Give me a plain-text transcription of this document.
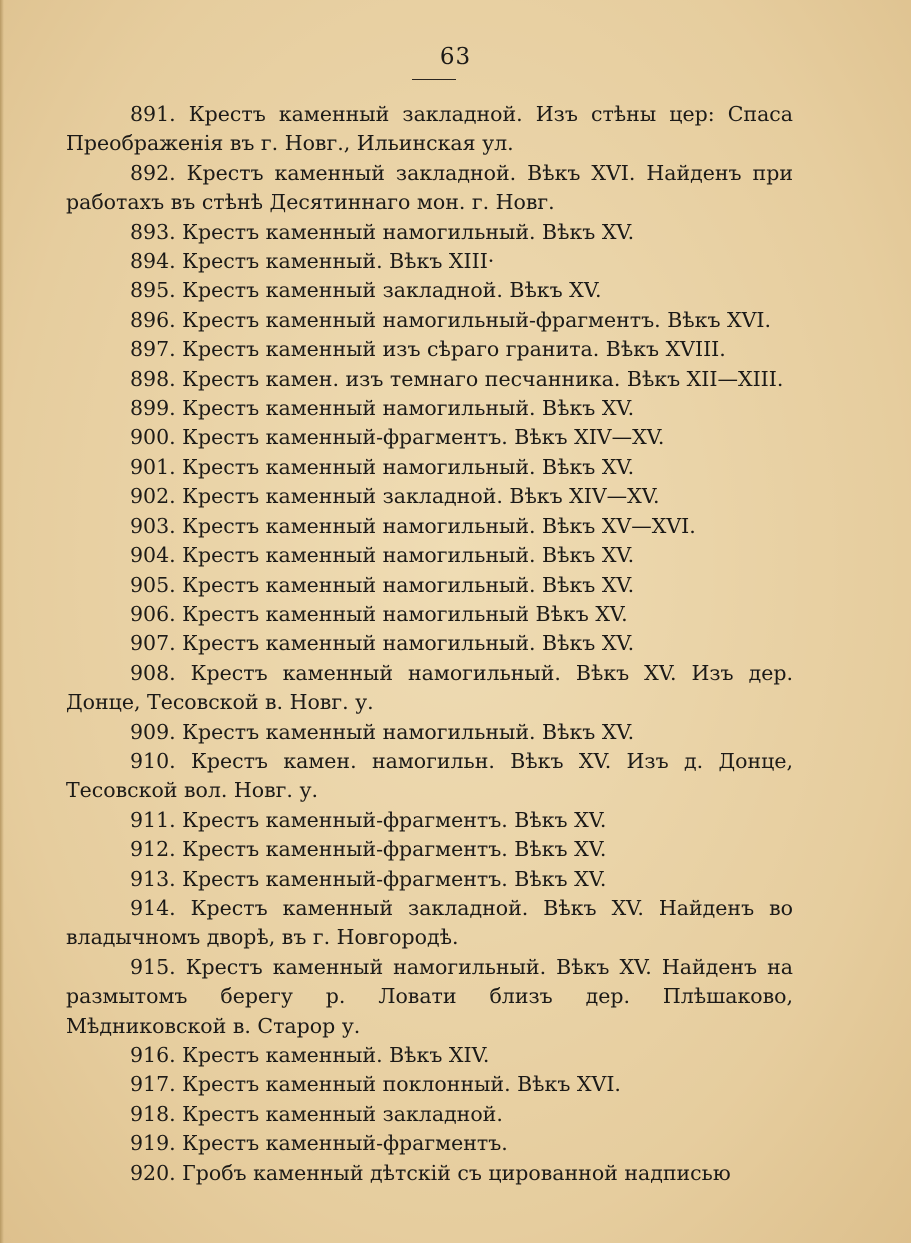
63

891. Крестъ каменный закладной. Изъ стѣны цер: Спаса Преображенія въ г. Новг., Ильинская ул.

892. Крестъ каменный закладной. Вѣкъ XVI. Найденъ при работахъ въ стѣнѣ Десятиннаго мон. г. Новг.

893. Крестъ каменный намогильный. Вѣкъ XV.

894. Крестъ каменный. Вѣкъ XIII·

895. Крестъ каменный закладной. Вѣкъ XV.

896. Крестъ каменный намогильный-фрагментъ. Вѣкъ XVI.

897. Крестъ каменный изъ сѣраго гранита. Вѣкъ XVIII.

898. Крестъ камен. изъ темнаго песчанника. Вѣкъ XII—XIII.

899. Крестъ каменный намогильный. Вѣкъ XV.

900. Крестъ каменный-фрагментъ. Вѣкъ XIV—XV.

901. Крестъ каменный намогильный. Вѣкъ XV.

902. Крестъ каменный закладной. Вѣкъ XIV—XV.

903. Крестъ каменный намогильный. Вѣкъ XV—XVI.

904. Крестъ каменный намогильный. Вѣкъ XV.

905. Крестъ каменный намогильный. Вѣкъ XV.

906. Крестъ каменный намогильный Вѣкъ XV.

907. Крестъ каменный намогильный. Вѣкъ XV.

908. Крестъ каменный намогильный. Вѣкъ XV. Изъ дер. Донце, Тесовской в. Новг. у.

909. Крестъ каменный намогильный. Вѣкъ XV.

910. Крестъ камен. намогильн. Вѣкъ XV. Изъ д. Донце, Тесовской вол. Новг. у.

911. Крестъ каменный-фрагментъ. Вѣкъ XV.

912. Крестъ каменный-фрагментъ. Вѣкъ XV.

913. Крестъ каменный-фрагментъ. Вѣкъ XV.

914. Крестъ каменный закладной. Вѣкъ XV. Найденъ во владычномъ дворѣ, въ г. Новгородѣ.

915. Крестъ каменный намогильный. Вѣкъ XV. Найденъ на размытомъ берегу р. Ловати близъ дер. Плѣшаково, Мѣдниковской в. Старор у.

916. Крестъ каменный. Вѣкъ XIV.

917. Крестъ каменный поклонный. Вѣкъ XVI.

918. Крестъ каменный закладной.

919. Крестъ каменный-фрагментъ.

920. Гробъ каменный дѣтскій съ цированной надписью
